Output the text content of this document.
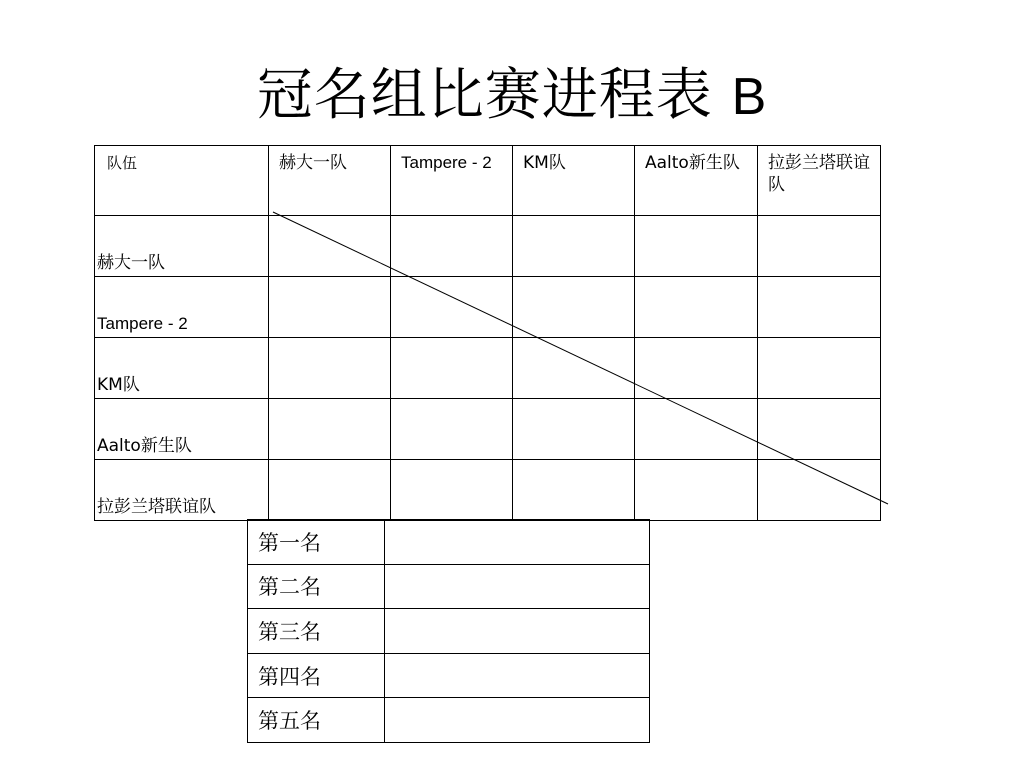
冠名组比赛进程表 B
队伍	赫大一队	Tampere - 2	KM队	Aalto新生队	拉彭兰塔联谊队
赫大一队					
Tampere - 2					
KM队					
Aalto新生队					
拉彭兰塔联谊队					
第一名	
第二名	
第三名	
第四名	
第五名	
